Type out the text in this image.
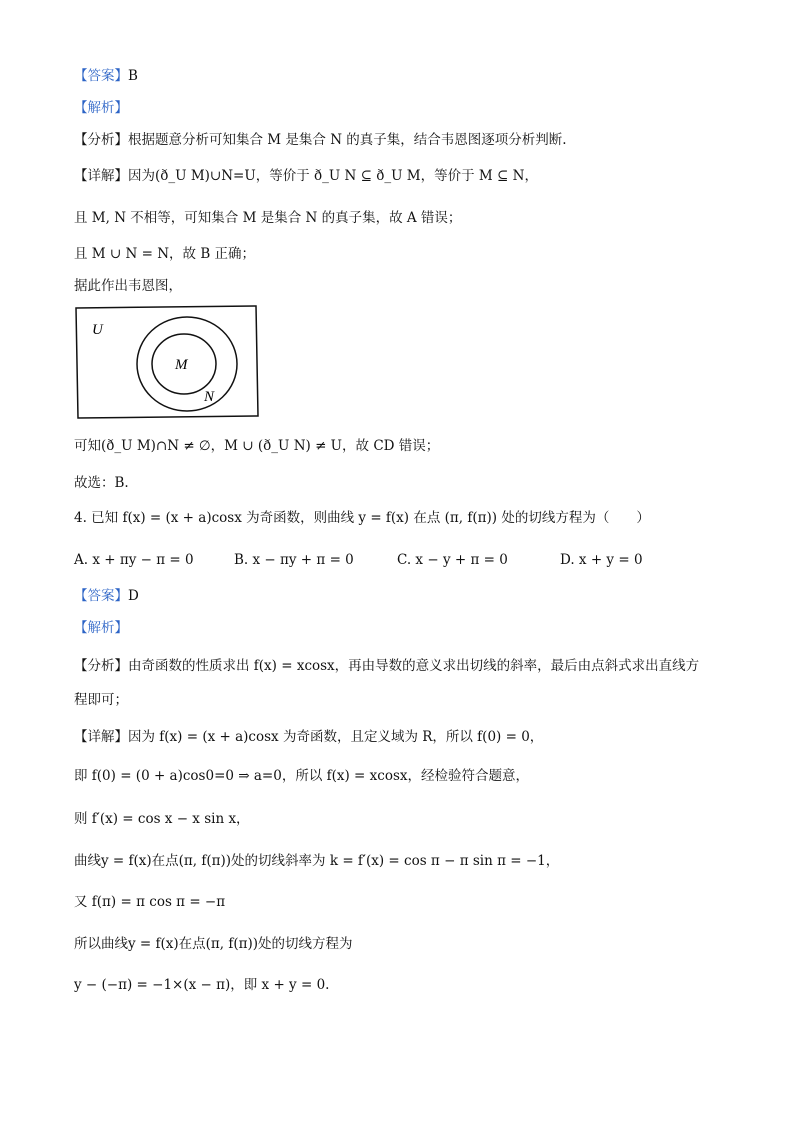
【答案】B
【解析】
【分析】根据题意分析可知集合 M 是集合 N 的真子集，结合韦恩图逐项分析判断.
【详解】因为(ð_U M)∪N=U，等价于 ð_U N ⊆ ð_U M，等价于 M ⊆ N，
且 M, N 不相等，可知集合 M 是集合 N 的真子集，故 A 错误；
且 M ∪ N = N，故 B 正确；
据此作出韦恩图，
U
M
N
可知(ð_U M)∩N ≠ ∅，M ∪ (ð_U N) ≠ U，故 CD 错误；
故选：B.
4. 已知 f(x) = (x + a)cosx 为奇函数，则曲线 y = f(x) 在点 (π, f(π)) 处的切线方程为（　　）
A. x + πy − π = 0	B. x − πy + π = 0	C. x − y + π = 0	D. x + y = 0
【答案】D
【解析】
【分析】由奇函数的性质求出 f(x) = xcosx，再由导数的意义求出切线的斜率，最后由点斜式求出直线方
程即可；
【详解】因为 f(x) = (x + a)cosx 为奇函数，且定义域为 R，所以 f(0) = 0，
即 f(0) = (0 + a)cos0=0 ⇒ a=0，所以 f(x) = xcosx，经检验符合题意，
则 f′(x) = cos x − x sin x，
曲线y = f(x)在点(π, f(π))处的切线斜率为 k = f′(x) = cos π − π sin π = −1，
又 f(π) = π cos π = −π
所以曲线y = f(x)在点(π, f(π))处的切线方程为
y − (−π) = −1×(x − π)，即 x + y = 0.
